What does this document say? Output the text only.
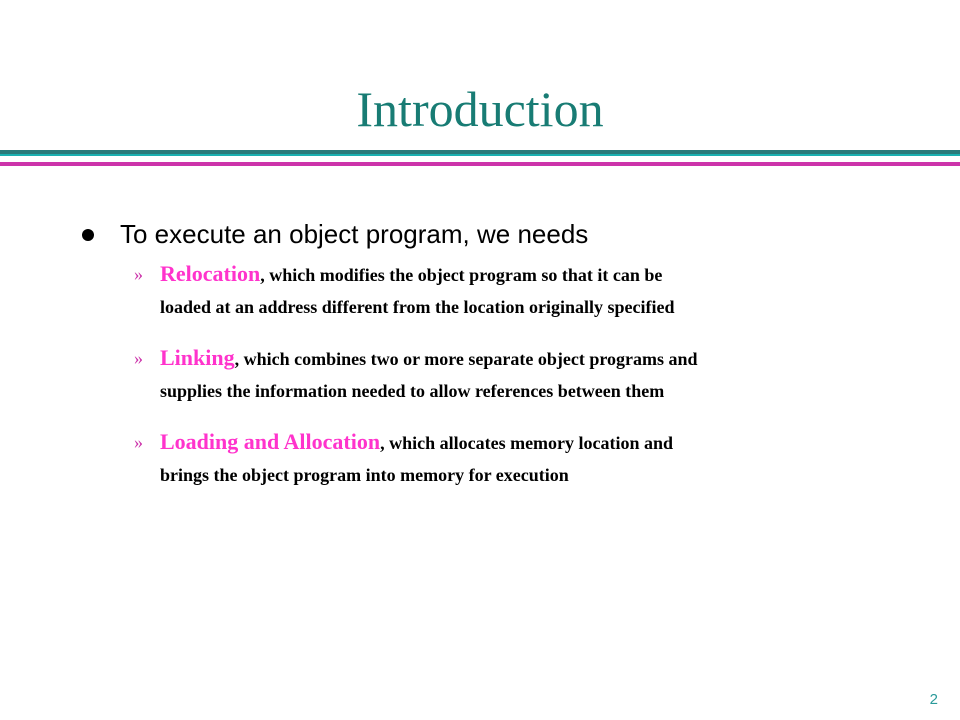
Introduction
To execute an object program, we needs
» Relocation, which modifies the object program so that it can be
loaded at an address different from the location originally specified
» Linking, which combines two or more separate object programs and
supplies the information needed to allow references between them
» Loading and Allocation, which allocates memory location and
brings the object program into memory for execution
2
